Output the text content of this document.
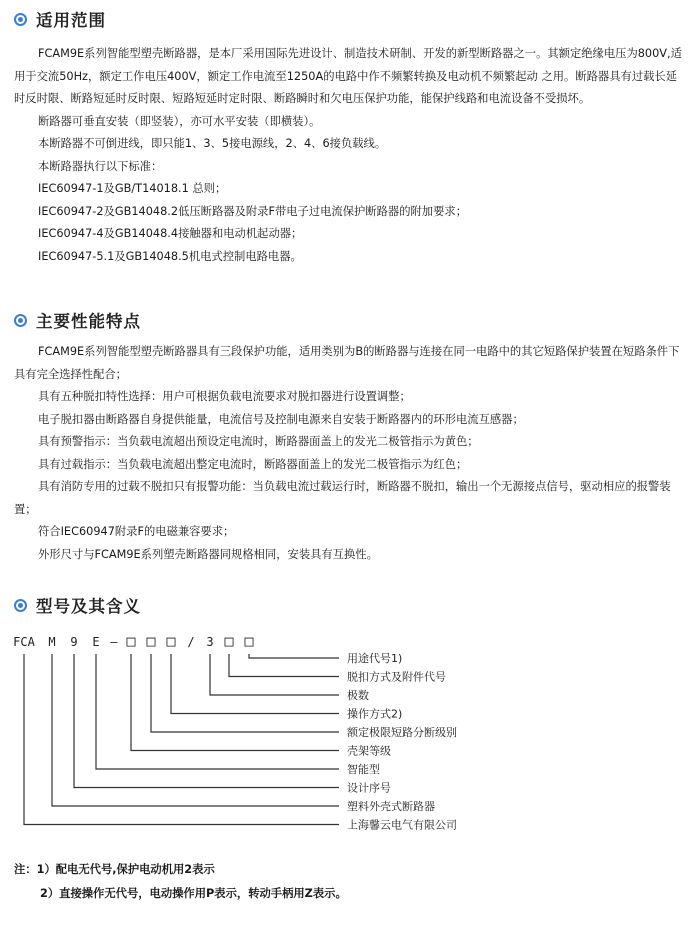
适用范围

FCAM9E系列智能型塑壳断路器，是本厂采用国际先进设计、制造技术研制、开发的新型断路器之一。其额定绝缘电压为800V,适用于交流50Hz，额定工作电压400V，额定工作电流至1250A的电路中作不频繁转换及电动机不频繁起动 之用。断路器具有过载长延时反时限、断路短延时反时限、短路短延时定时限、断路瞬时和欠电压保护功能，能保护线路和电流设备不受损坏。

断路器可垂直安装（即竖装），亦可水平安装（即横装）。

本断路器不可倒进线，即只能1、3、5接电源线，2、4、6接负载线。

本断路器执行以下标准：

IEC60947-1及GB/T14018.1 总则；

IEC60947-2及GB14048.2低压断路器及附录F带电子过电流保护断路器的附加要求；

IEC60947-4及GB14048.4接触器和电动机起动器；

IEC60947-5.1及GB14048.5机电式控制电路电器。

主要性能特点

FCAM9E系列智能型塑壳断路器具有三段保护功能，适用类别为B的断路器与连接在同一电路中的其它短路保护装置在短路条件下具有完全选择性配合；

具有五种脱扣特性选择：用户可根据负载电流要求对脱扣器进行设置调整；

电子脱扣器由断路器自身提供能量，电流信号及控制电源来自安装于断路器内的环形电流互感器；

具有预警指示：当负载电流超出预设定电流时，断路器面盖上的发光二极管指示为黄色；

具有过载指示：当负载电流超出整定电流时，断路器面盖上的发光二极管指示为红色；

具有消防专用的过载不脱扣只有报警功能：当负载电流过载运行时，断路器不脱扣，输出一个无源接点信号，驱动相应的报警装置；

符合IEC60947附录F的电磁兼容要求；

外形尺寸与FCAM9E系列塑壳断路器同规格相同，安装具有互换性。

型号及其含义
FCA M 9 E — □ □ □ / 3 □ □
用途代号1)
脱扣方式及附件代号
极数
操作方式2)
额定极限短路分断级别
壳架等级
智能型
设计序号
塑料外壳式断路器
上海馨云电气有限公司

注：1）配电无代号,保护电动机用2表示

2）直接操作无代号，电动操作用P表示，转动手柄用Z表示。
